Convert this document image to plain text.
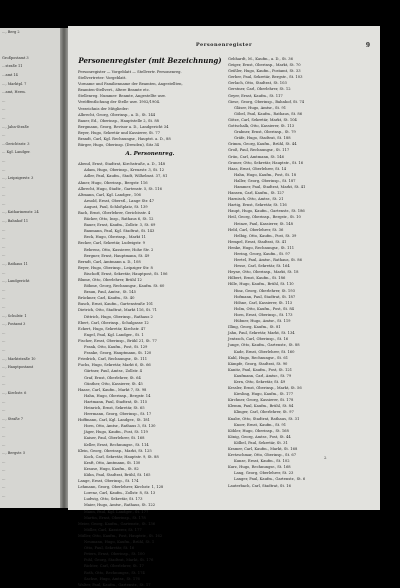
…, Berg 2
Großpostamt 3
…straße 11
…amt 14
…, Marktpl. 7
…amt, Herm.
…
…
…
…, Jahn-Straße
…
…Gerichtsstr. 3
… Kgl. Landger.
…
…
…, Leipzigerstr. 3
…
…
…
…, Katharinenstr. 24
…, Bahnhof 11
…
…
…
…
…, Rathaus 11
…
…, Landgericht
…
…
…
…, Schulstr. 1
…, Postamt 3
…
…
…
…, Marktstraße 10
…, Hauptpostamt
…
…
…, Kirchstr. 6
…
…
…, Straße 7
…
…
…
…, Bergstr. 5
…
…
…
…
…
Personenregister	9
Personenregister (mit Bezeichnung)
Personregister — Vorgeblatt — Stellvertr. Personenreg.
Stellvertreter: Vorgeblatt.
Vorname und Familienname der Beamten, Angestellten,
Beamten-Stellvert., ältere Beamte etc.
Stellenreg. Nummer: Beamte, Angestellte usw.
Veröffentlichung der Stelle usw. 1902/1904.
Verzeichnis der Mitglieder:
Albrecht, Georg, Oberinsp., a. D., St. 144
Bauer, Ed., Oberinsp., Hauptstelle 2, St. 88
Bergmann, Georg, Revisor a. D., Landgericht 34
Beyer, Hugo, Sekretär und Kassierer, St. 77
Brandt, Carl, Kgl. Rechnungsr., Hauptst. a. D., 88
Bürger, Hugo, Oberinsp. (Dresden), Sitz 34
A. Personenreg.
Abend, Ernst, Stadtrat, Kirchstraße, a. D., 148
Adam, Hugo, Oberinsp., Kreuzstr. 3, St. 12
Adler, Paul, Kaufm., Stadt, Wilhelmst. 37, 81
Ahner, Hugo, Oberinsp., Bergstr. 116
Albrecht, Hugo, Stadtr., Gartenstr. 5, St. 116
Altmann, Carl, Kgl. Landger., 106
Arnold, Ernst, Oberstl., Lange Str. 47
August, Paul, Schloßplatz, St. 139
Bach, Ernst, Oberlehrer, Gerichtsstr. 4
Bäcker, Otto, Insp., Rathaus 6, St. 12
Bauer, Ernst, Kaufm., Zollstr. 3, St. 69
Baumann, Paul, Kgl. Stadtrat, St. 143
Beck, Hugo, Oberinsp., Markt 11
Becker, Carl, Sekretär, Ludwigstr. 9
Behrens, Otto, Kassierer, Hohe Str. 2
Bergner, Ernst, Hauptmann, St. 49
Berndt, Carl, Amtmann a. D., 108
Beyer, Hugo, Oberinsp., Leipziger Str. 8
Bischoff, Ernst, Sekretär, Hauptpost, St. 106
Blume, Otto, Oberlehrer, Brühl 12
Böhme, Georg, Rechnungsr., Kaufm. St. 60
Braun, Paul, Amtsr., St. 145
Brückner, Carl, Kaufm., St. 40
Busch, Ernst, Kaufm., Gartenstraße 101
Dietrich, Otto, Stadtrat, Markt 116, St. 71
Dittrich, Hugo, Oberinsp., Rathaus 2
Ebert, Carl, Oberinsp., Schulgasse 12
Eckert, Hugo, Sekretär, Kirchstr. 47
Engel, Paul, Kgl. Landger., St. 1
Fischer, Ernst, Oberinsp., Brühl 21, St. 77
Frank, Otto, Kaufm., Post, St. 129
Franke, Georg, Hauptmann, St. 120
Friedrich, Carl, Rechnungsr., St. 111
Fuchs, Hugo, Sekretär, Markt 6, St. 66
Gärtner, Paul, Amtsr., Zollstr. 4
Graf, Ernst, Oberlehrer, St. 64
Günther, Otto, Kassierer, St. 45
Haase, Carl, Kaufm., Markt 7, St. 98
Hahn, Hugo, Oberinsp., Bergstr. 14
Hartmann, Paul, Stadtrat, St. 115
Heinrich, Ernst, Sekretär, St. 65
Herrmann, Georg, Oberinsp., St. 17
Hoffmann, Carl, Kgl. Landger., St. 181
Horn, Otto, Amtsr., Rathaus 3, St. 130
Jäger, Hugo, Kaufm., Post, St. 119
Kaiser, Paul, Oberlehrer, St. 168
Keller, Ernst, Rechnungsr., St. 114
Klein, Georg, Oberinsp., Markt, St. 125
Koch, Carl, Sekretär, Hauptstr. 9, St. 88
Kraft, Otto, Amtmann, St. 130
Krause, Hugo, Kaufm., St. 82
Kühn, Paul, Stadtrat, Brühl, St. 165
Lange, Ernst, Oberinsp., St. 174
Lehmann, Georg, Oberlehrer, Kirchstr. 1, 128
Lorenz, Carl, Kaufm., Zollstr. 8, St. 13
Ludwig, Otto, Sekretär, St. 173
Maier, Hugo, Amtsr., Rathaus, St. 122
Mann, Paul, Kgl. Landger., St. 177
Martin, Ernst, Oberinsp., St. 178
Meier, Georg, Kaufm., Gartenstr., St. 136
Möller, Carl, Kassierer, St. 177
Müller, Otto, Kaufm., Post, Hauptstr., St. 162
Neumann, Hugo, Kaufm., Brühl, St. 1
Otto, Paul, Sekretär, St. 16
Peters, Ernst, Oberinsp., St. 100
Pohl, Georg, Stadtrat, Markt, St. 176
Richter, Carl, Oberlehrer, St. 17
Roth, Otto, Rechnungsr., St. 174
Sachse, Hugo, Amtsr., St. 176
Walter, Paul, Kaufm., Gartenstr., St. 17
Gebhardt, M., Kaufm., a. D., St. 36
Geiger, Ernst, Oberinsp., Markt, St. 70
Geißler, Hugo, Kaufm., Postamt, St. 33
Gerber, Paul, Sekretär, Bergstr., St. 103
Gerlach, Otto, Stadtrat, St. 103
Gerstner, Carl, Oberlehrer, St. 12
Geyer, Ernst, Kaufm., St. 117
Giese, Georg, Oberinsp., Bahnhof, St. 74
Gläser, Hugo, Amtsr., St. 91
Göbel, Paul, Kaufm., Rathaus, St. 86
Götze, Carl, Sekretär, Markt, St. 104
Gottschalk, Otto, Kassierer, St. 113
Grabner, Ernst, Oberinsp., St. 79
Gräfe, Hugo, Stadtrat, St. 188
Grimm, Georg, Kaufm., Brühl, St. 44
Groß, Paul, Rechnungsr., St. 117
Grün, Carl, Amtmann, St. 146
Gruner, Otto, Sekretär, Hauptstr., St. 16
Haas, Ernst, Oberlehrer, St. 14
Hahn, Hugo, Kaufm., Post, St. 18
Haller, Georg, Oberinsp., St. 187
Hammer, Paul, Stadtrat, Markt, St. 41
Hansen, Carl, Kaufm., St. 127
Harnisch, Otto, Amtsr., St. 21
Hartig, Ernst, Sekretär, St. 116
Haupt, Hugo, Kaufm., Gartenstr., St. 186
Heil, Georg, Oberinsp., Bergstr., St. 10
Heinze, Paul, Kassierer, St. 148
Held, Carl, Oberlehrer, St. 36
Helbig, Otto, Kaufm., Post, St. 39
Hempel, Ernst, Stadtrat, St. 41
Henke, Hugo, Rechnungsr., St. 111
Hering, Georg, Kaufm., St. 97
Hertel, Paul, Amtsr., Rathaus, St. 86
Hesse, Carl, Sekretär, St. 164
Heyne, Otto, Oberinsp., Markt, St. 18
Hilbert, Ernst, Kaufm., St. 186
Hille, Hugo, Kaufm., Brühl, St. 110
Hinz, Georg, Oberlehrer, St. 193
Hofmann, Paul, Stadtrat, St. 187
Höhne, Carl, Kassierer, St. 113
Holm, Otto, Kaufm., Post, St. 84
Horn, Ernst, Oberinsp., St. 173
Hübner, Hugo, Amtsr., St. 119
Illing, Georg, Kaufm., St. 81
Jahn, Paul, Sekretär, Markt, St. 134
Jentzsch, Carl, Oberinsp., St. 16
Junge, Otto, Kaufm., Gartenstr., St. 88
Kade, Ernst, Oberlehrer, St. 160
Kahl, Hugo, Rechnungsr., St. 61
Kämpfe, Georg, Stadtrat, St. 90
Kanitz, Paul, Kaufm., Post, St. 121
Kaufmann, Carl, Amtsr., St. 79
Kern, Otto, Sekretär, St. 49
Kessler, Ernst, Oberinsp., Markt, St. 56
Kiesling, Hugo, Kaufm., St. 177
Kirchner, Georg, Kassierer, St. 178
Klemm, Paul, Kaufm., Brühl, St. 84
Klinger, Carl, Oberlehrer, St. 97
Knabe, Otto, Stadtrat, Rathaus, St. 31
Knorr, Ernst, Kaufm., St. 91
Köhler, Hugo, Oberinsp., St. 168
König, Georg, Amtsr., Post, St. 44
Kölbel, Paul, Sekretär, St. 31
Kramer, Carl, Kaufm., Markt, St. 168
Kretzschmar, Otto, Oberinsp., St. 67
Kunze, Ernst, Kaufm., St. 102
Kurz, Hugo, Rechnungsr., St. 168
Lang, Georg, Oberlehrer, St. 23
Langer, Paul, Kaufm., Gartenstr., St. 6
Lauterbach, Carl, Stadtrat, St. 16
2
